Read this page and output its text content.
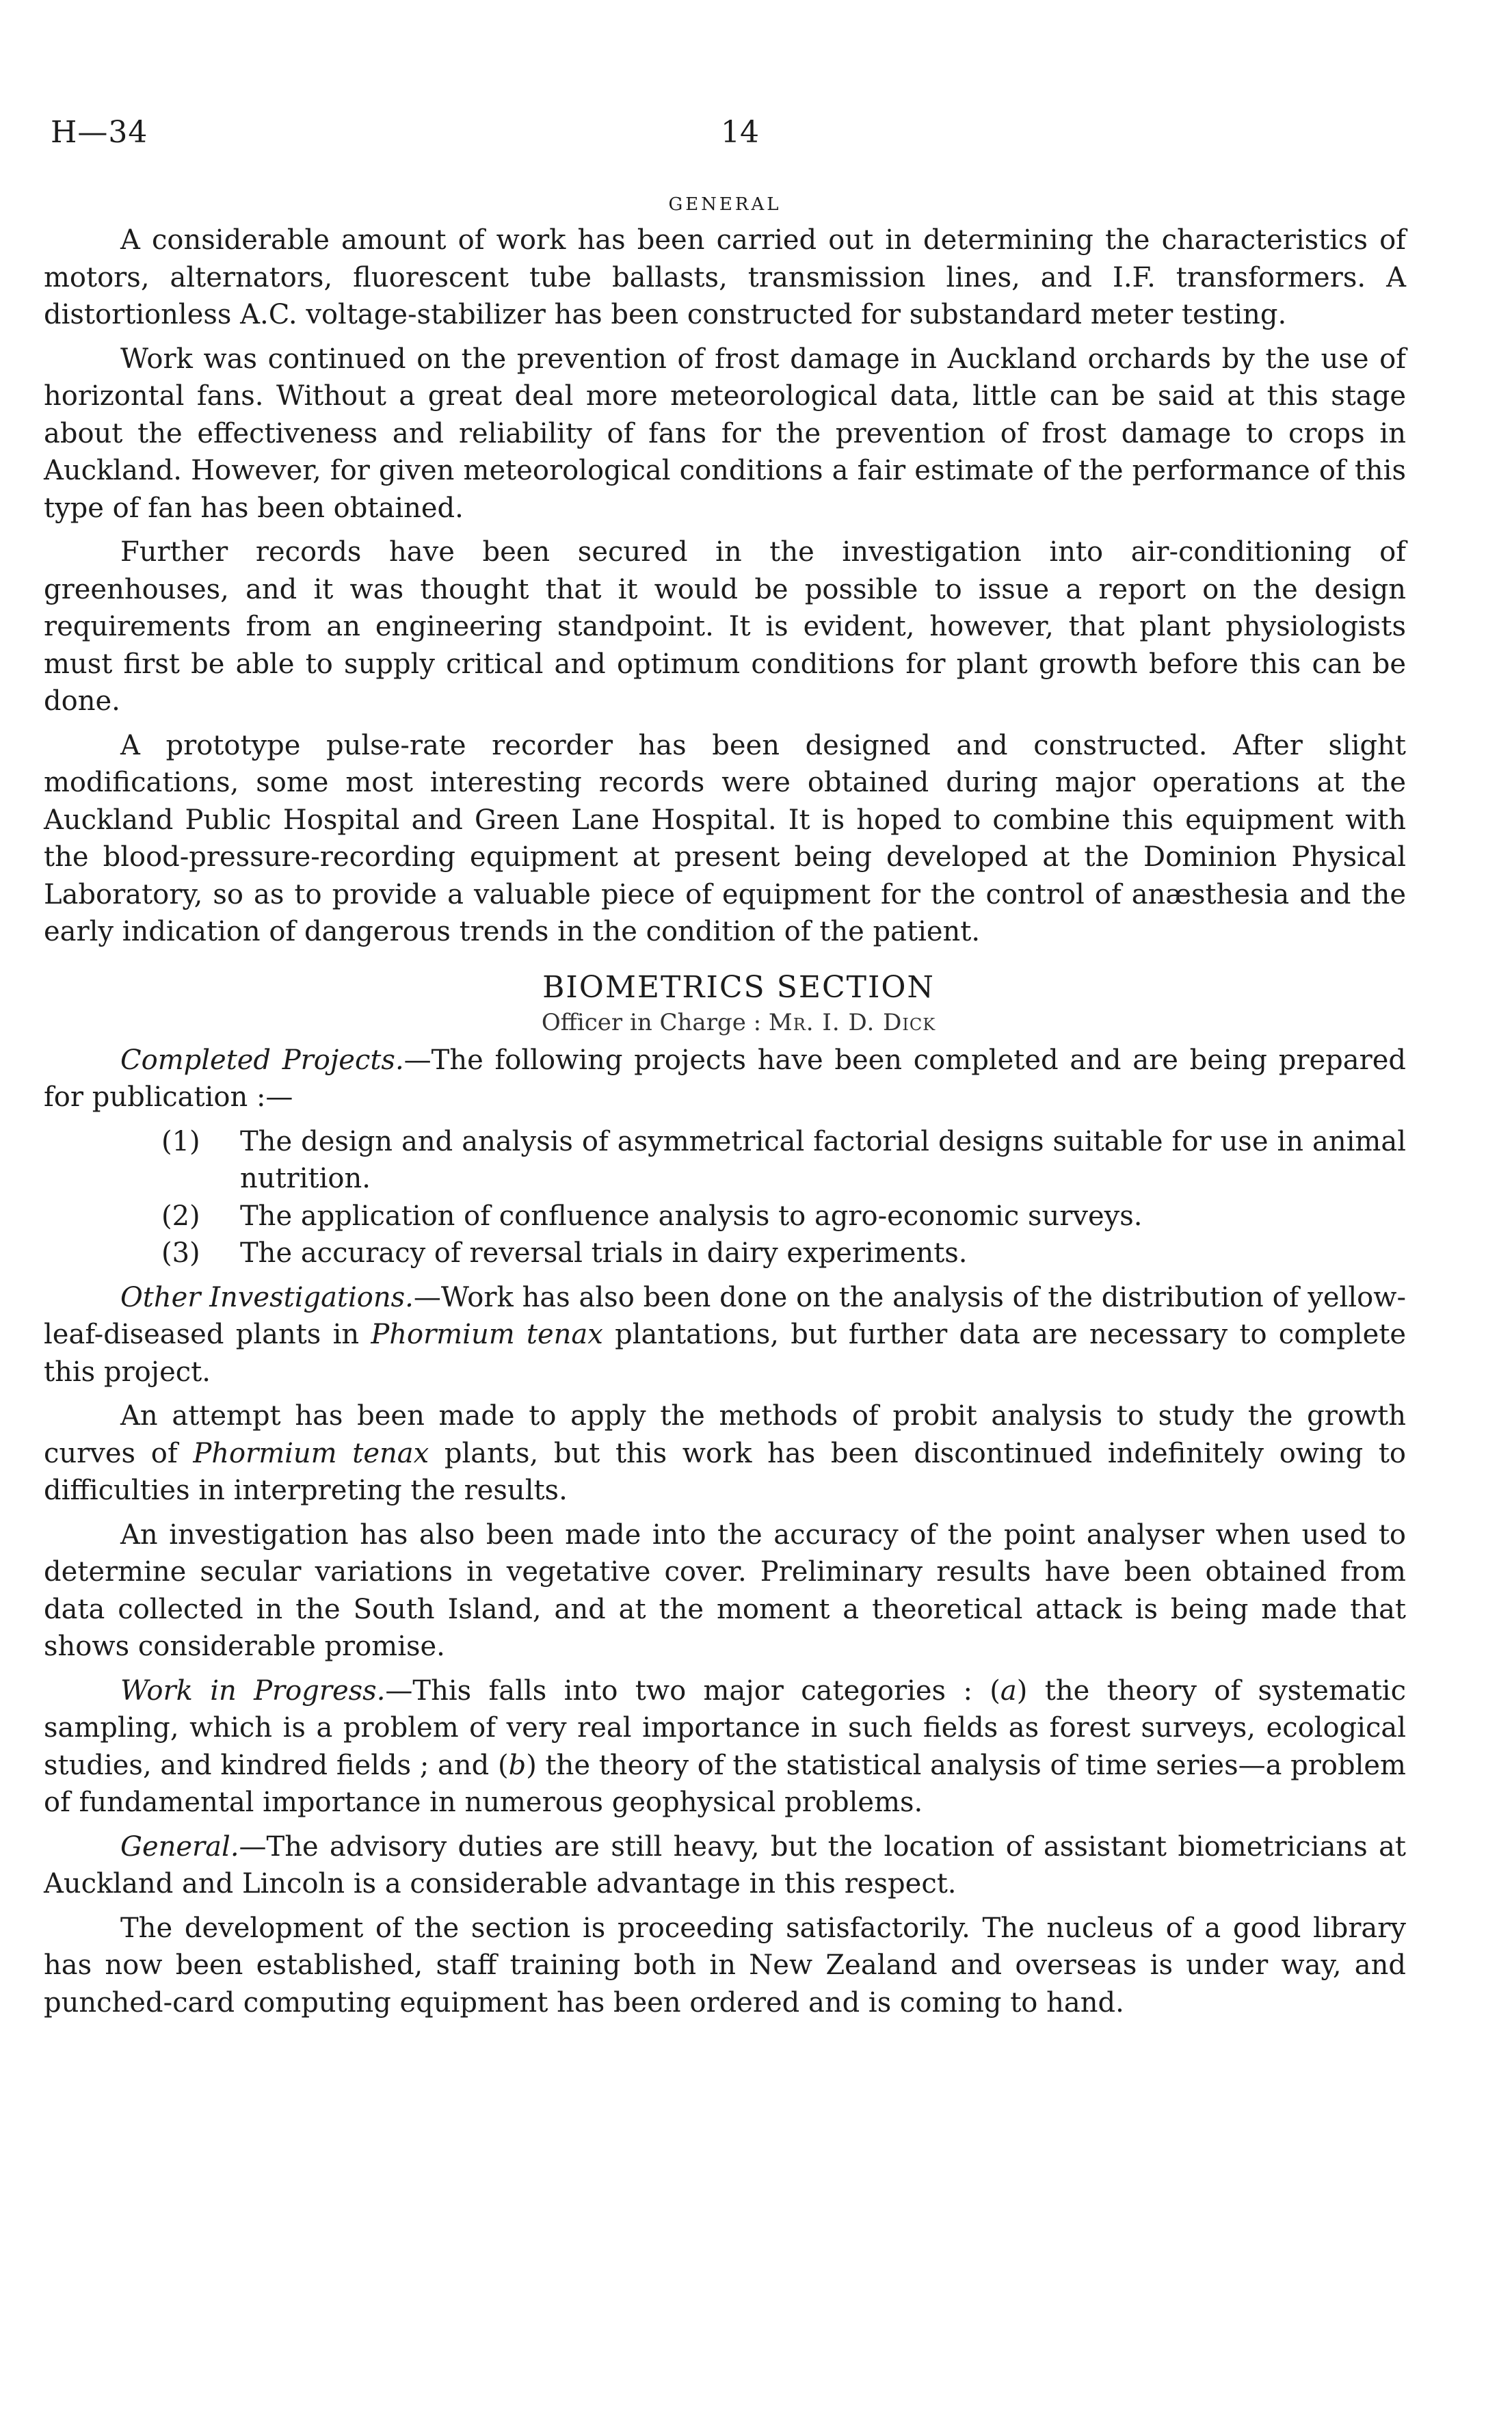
H—34	14
GENERAL

A considerable amount of work has been carried out in determining the characteristics of motors, alternators, fluorescent tube ballasts, transmission lines, and I.F. transformers. A distortionless A.C. voltage-stabilizer has been constructed for substandard meter testing.

Work was continued on the prevention of frost damage in Auckland orchards by the use of horizontal fans. Without a great deal more meteorological data, little can be said at this stage about the effectiveness and reliability of fans for the prevention of frost damage to crops in Auckland. However, for given meteorological conditions a fair estimate of the performance of this type of fan has been obtained.

Further records have been secured in the investigation into air-conditioning of greenhouses, and it was thought that it would be possible to issue a report on the design requirements from an engineering standpoint. It is evident, however, that plant physiologists must first be able to supply critical and optimum conditions for plant growth before this can be done.

A prototype pulse-rate recorder has been designed and constructed. After slight modifications, some most interesting records were obtained during major operations at the Auckland Public Hospital and Green Lane Hospital. It is hoped to combine this equipment with the blood-pressure-recording equipment at present being developed at the Dominion Physical Laboratory, so as to provide a valuable piece of equipment for the control of anæsthesia and the early indication of dangerous trends in the condition of the patient.

BIOMETRICS SECTION
Officer in Charge : Mr. I. D. Dick

Completed Projects.—The following projects have been completed and are being prepared for publication :—

(1) The design and analysis of asymmetrical factorial designs suitable for use in animal nutrition.
(2) The application of confluence analysis to agro-economic surveys.
(3) The accuracy of reversal trials in dairy experiments.

Other Investigations.—Work has also been done on the analysis of the distribution of yellow-leaf-diseased plants in Phormium tenax plantations, but further data are necessary to complete this project.

An attempt has been made to apply the methods of probit analysis to study the growth curves of Phormium tenax plants, but this work has been discontinued indefinitely owing to difficulties in interpreting the results.

An investigation has also been made into the accuracy of the point analyser when used to determine secular variations in vegetative cover. Preliminary results have been obtained from data collected in the South Island, and at the moment a theoretical attack is being made that shows considerable promise.

Work in Progress.—This falls into two major categories : (a) the theory of systematic sampling, which is a problem of very real importance in such fields as forest surveys, ecological studies, and kindred fields ; and (b) the theory of the statistical analysis of time series—a problem of fundamental importance in numerous geophysical problems.

General.—The advisory duties are still heavy, but the location of assistant biometricians at Auckland and Lincoln is a considerable advantage in this respect.

The development of the section is proceeding satisfactorily. The nucleus of a good library has now been established, staff training both in New Zealand and overseas is under way, and punched-card computing equipment has been ordered and is coming to hand.
